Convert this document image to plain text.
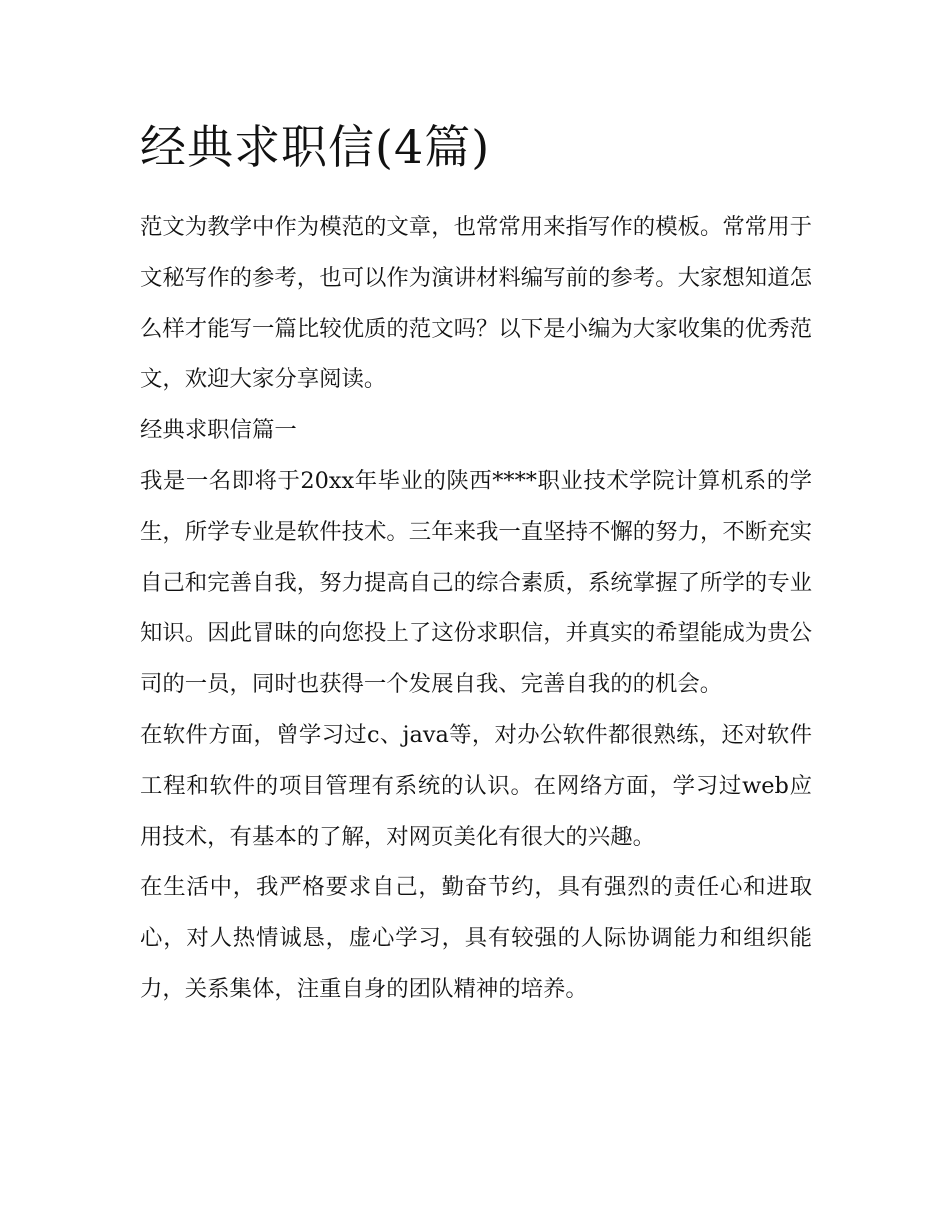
经典求职信(4篇)

范文为教学中作为模范的文章，也常常用来指写作的模板。常常用于文秘写作的参考，也可以作为演讲材料编写前的参考。大家想知道怎么样才能写一篇比较优质的范文吗？以下是小编为大家收集的优秀范文，欢迎大家分享阅读。

经典求职信篇一

我是一名即将于20xx年毕业的陕西****职业技术学院计算机系的学生，所学专业是软件技术。三年来我一直坚持不懈的努力，不断充实自己和完善自我，努力提高自己的综合素质，系统掌握了所学的专业知识。因此冒昧的向您投上了这份求职信，并真实的希望能成为贵公司的一员，同时也获得一个发展自我、完善自我的的机会。

在软件方面，曾学习过c、java等，对办公软件都很熟练，还对软件工程和软件的项目管理有系统的认识。在网络方面，学习过web应用技术，有基本的了解，对网页美化有很大的兴趣。

在生活中，我严格要求自己，勤奋节约，具有强烈的责任心和进取心，对人热情诚恳，虚心学习，具有较强的人际协调能力和组织能力，关系集体，注重自身的团队精神的培养。
